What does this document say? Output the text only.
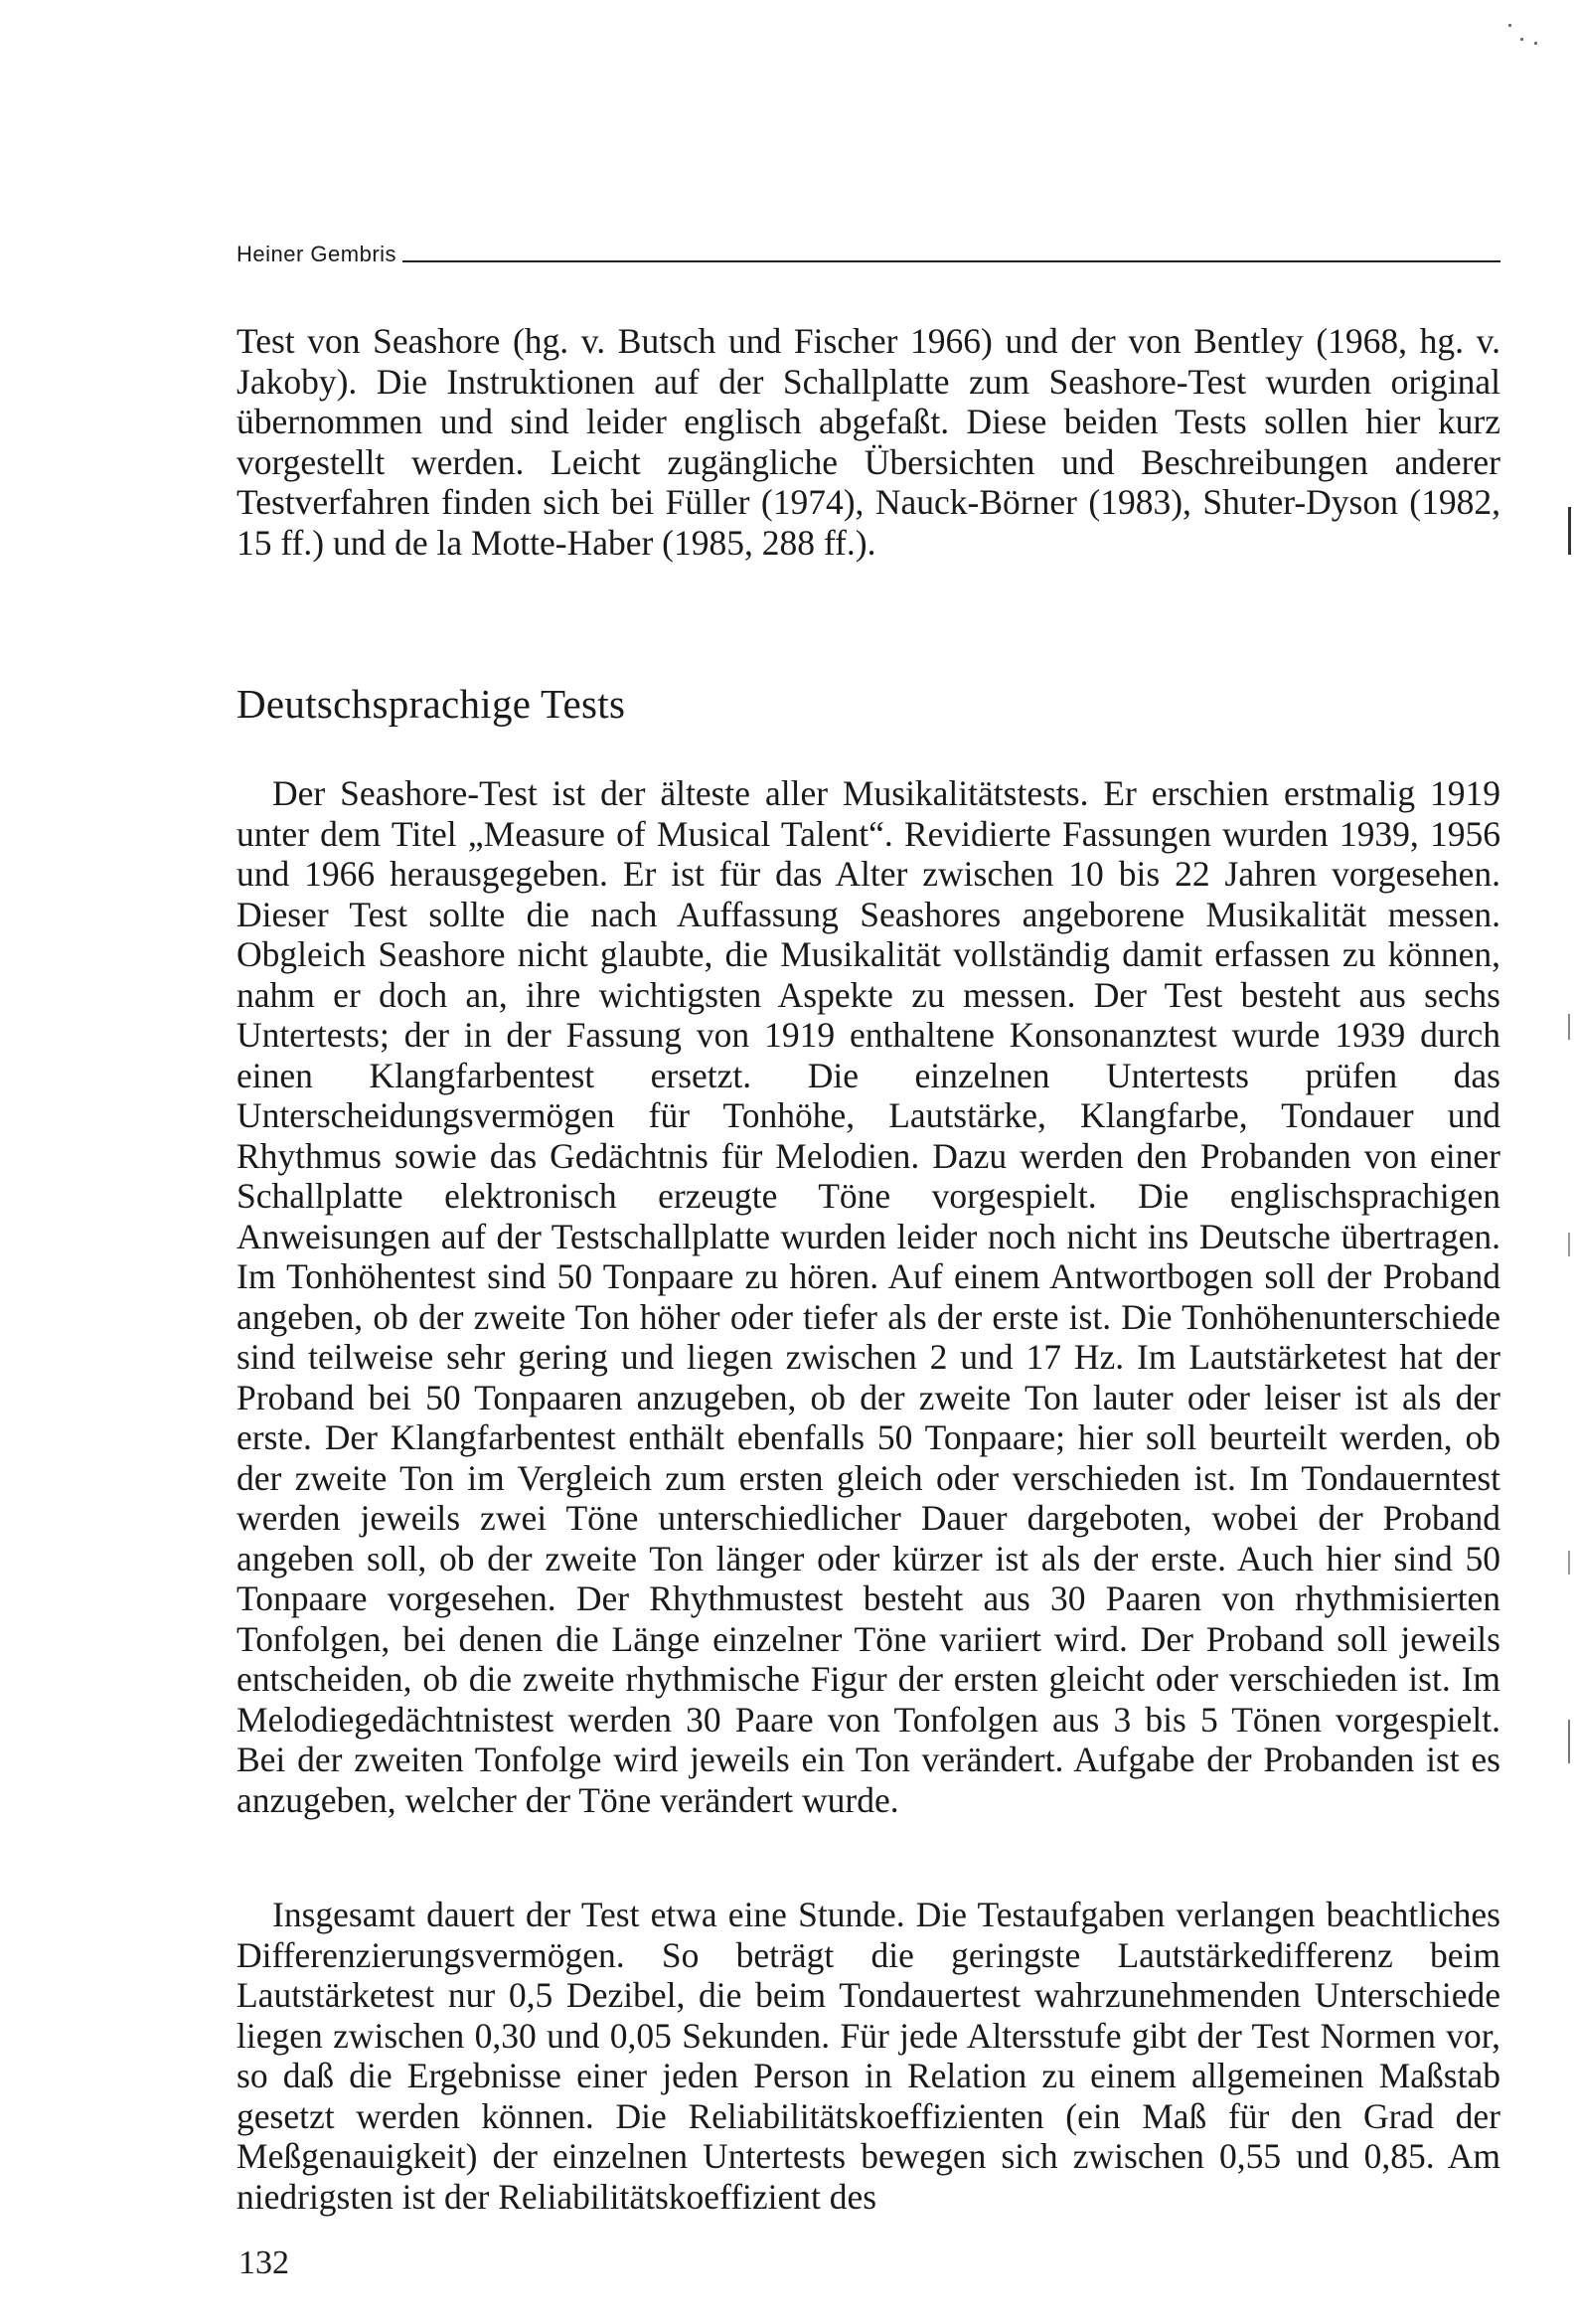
Heiner Gembris

Test von Seashore (hg. v. Butsch und Fischer 1966) und der von Bentley (1968, hg. v. Jakoby). Die Instruktionen auf der Schallplatte zum Seashore-Test wurden original übernommen und sind leider englisch abgefaßt. Diese beiden Tests sollen hier kurz vorgestellt werden. Leicht zugängliche Übersichten und Beschreibungen anderer Testverfahren finden sich bei Füller (1974), Nauck-Börner (1983), Shuter-Dyson (1982, 15 ff.) und de la Motte-Haber (1985, 288 ff.).

Deutschsprachige Tests

Der Seashore-Test ist der älteste aller Musikalitätstests. Er erschien erstmalig 1919 unter dem Titel „Measure of Musical Talent“. Revidierte Fassungen wurden 1939, 1956 und 1966 herausgegeben. Er ist für das Alter zwischen 10 bis 22 Jahren vorgesehen. Dieser Test sollte die nach Auffassung Seashores angeborene Musikalität messen. Obgleich Seashore nicht glaubte, die Musikalität vollständig damit erfassen zu können, nahm er doch an, ihre wichtigsten Aspekte zu messen. Der Test besteht aus sechs Untertests; der in der Fassung von 1919 enthaltene Konsonanztest wurde 1939 durch einen Klangfarbentest ersetzt. Die einzelnen Untertests prüfen das Unterscheidungsvermögen für Tonhöhe, Lautstärke, Klangfarbe, Tondauer und Rhythmus sowie das Gedächtnis für Melodien. Dazu werden den Probanden von einer Schallplatte elektronisch erzeugte Töne vorgespielt. Die englischsprachigen Anweisungen auf der Testschallplatte wurden leider noch nicht ins Deutsche übertragen. Im Tonhöhentest sind 50 Tonpaare zu hören. Auf einem Antwortbogen soll der Proband angeben, ob der zweite Ton höher oder tiefer als der erste ist. Die Tonhöhenunterschiede sind teilweise sehr gering und liegen zwischen 2 und 17 Hz. Im Lautstärketest hat der Proband bei 50 Tonpaaren anzugeben, ob der zweite Ton lauter oder leiser ist als der erste. Der Klangfarbentest enthält ebenfalls 50 Tonpaare; hier soll beurteilt werden, ob der zweite Ton im Vergleich zum ersten gleich oder verschieden ist. Im Tondauerntest werden jeweils zwei Töne unterschiedlicher Dauer dargeboten, wobei der Proband angeben soll, ob der zweite Ton länger oder kürzer ist als der erste. Auch hier sind 50 Tonpaare vorgesehen. Der Rhythmustest besteht aus 30 Paaren von rhythmisierten Tonfolgen, bei denen die Länge einzelner Töne variiert wird. Der Proband soll jeweils entscheiden, ob die zweite rhythmische Figur der ersten gleicht oder verschieden ist. Im Melodiegedächtnistest werden 30 Paare von Tonfolgen aus 3 bis 5 Tönen vorgespielt. Bei der zweiten Tonfolge wird jeweils ein Ton verändert. Aufgabe der Probanden ist es anzugeben, welcher der Töne verändert wurde.

Insgesamt dauert der Test etwa eine Stunde. Die Testaufgaben verlangen beachtliches Differenzierungsvermögen. So beträgt die geringste Lautstärkedifferenz beim Lautstärketest nur 0,5 Dezibel, die beim Tondauertest wahrzunehmenden Unterschiede liegen zwischen 0,30 und 0,05 Sekunden. Für jede Altersstufe gibt der Test Normen vor, so daß die Ergebnisse einer jeden Person in Relation zu einem allgemeinen Maßstab gesetzt werden können. Die Reliabilitätskoeffizienten (ein Maß für den Grad der Meßgenauigkeit) der einzelnen Untertests bewegen sich zwischen 0,55 und 0,85. Am niedrigsten ist der Reliabilitätskoeffizient des

132
